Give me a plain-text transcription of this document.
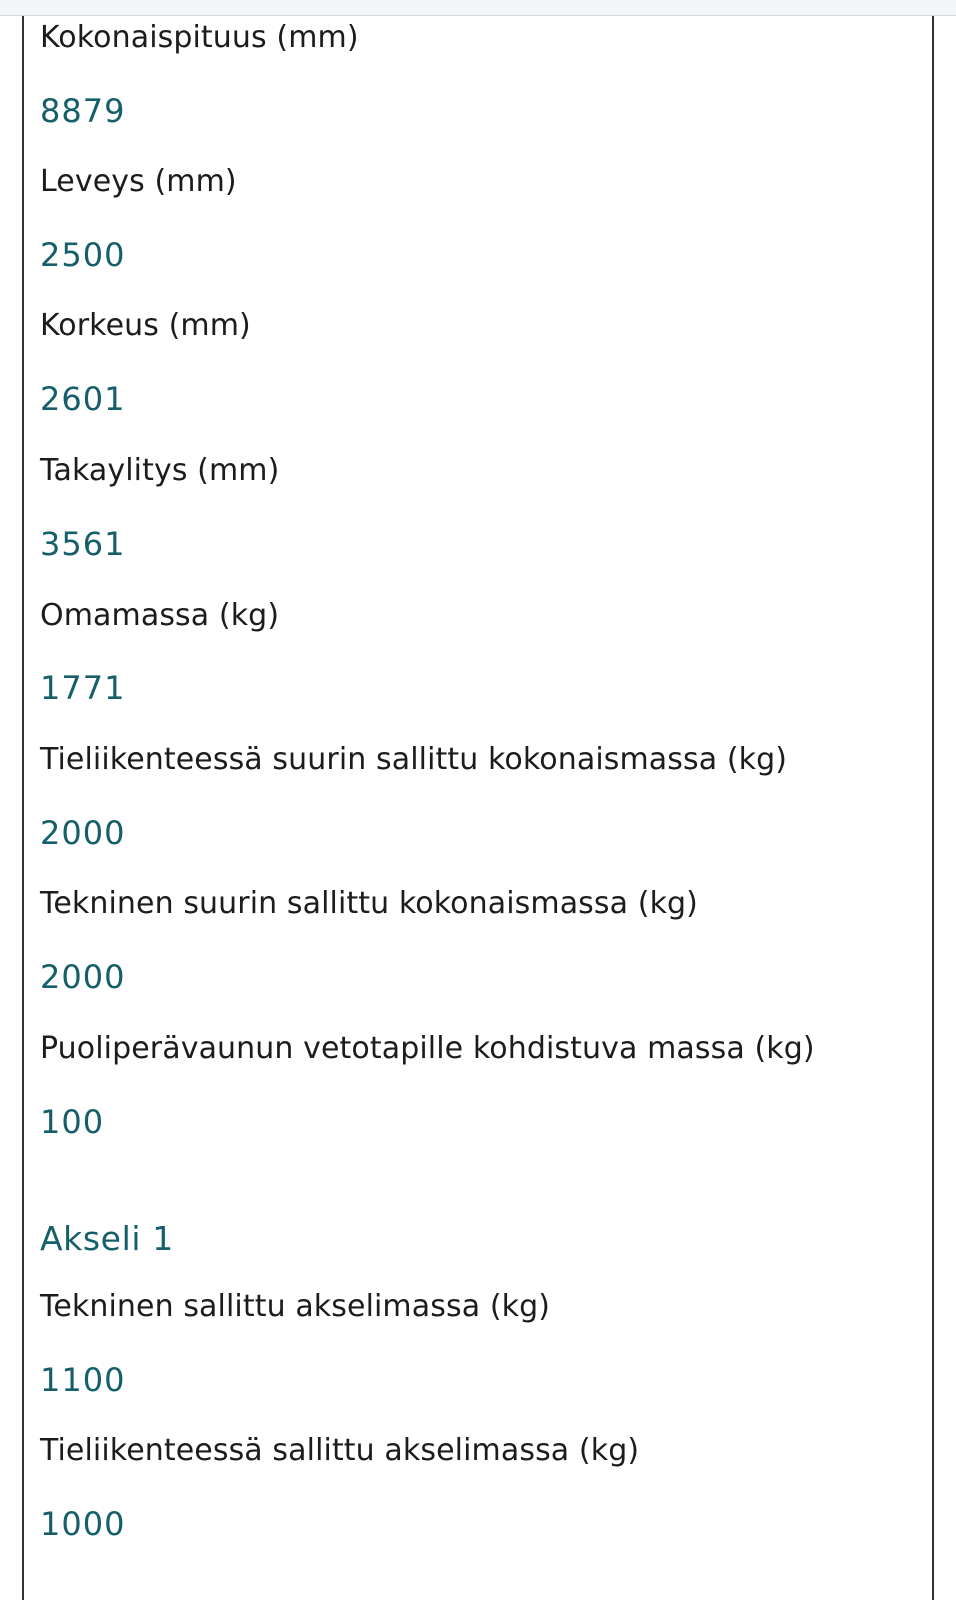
Kokonaispituus (mm)
8879
Leveys (mm)
2500
Korkeus (mm)
2601
Takaylitys (mm)
3561
Omamassa (kg)
1771
Tieliikenteessä suurin sallittu kokonaismassa (kg)
2000
Tekninen suurin sallittu kokonaismassa (kg)
2000
Puoliperävaunun vetotapille kohdistuva massa (kg)
100
Akseli 1
Tekninen sallittu akselimassa (kg)
1100
Tieliikenteessä sallittu akselimassa (kg)
1000
